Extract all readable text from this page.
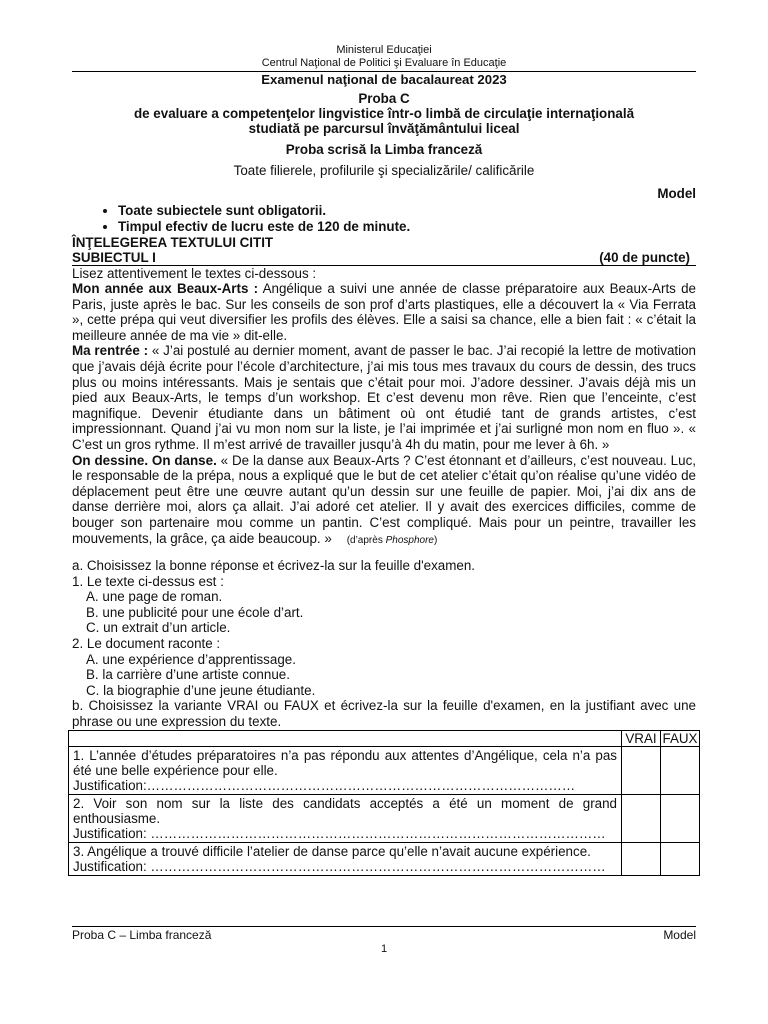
Ministerul Educaţiei
Centrul Naţional de Politici şi Evaluare în Educaţie
Examenul naţional de bacalaureat 2023
Proba C
de evaluare a competenţelor lingvistice într-o limbă de circulaţie internaţională
studiată pe parcursul învăţământului liceal
Proba scrisă la Limba franceză
Toate filierele, profilurile şi specializările/ calificările
Model
• Toate subiectele sunt obligatorii.
• Timpul efectiv de lucru este de 120 de minute.
ÎNŢELEGEREA TEXTULUI CITIT
SUBIECTUL I	(40 de puncte)
Lisez attentivement le textes ci-dessous :

Mon année aux Beaux-Arts : Angélique a suivi une année de classe préparatoire aux Beaux-Arts de Paris, juste après le bac. Sur les conseils de son prof d’arts plastiques, elle a découvert la « Via Ferrata », cette prépa qui veut diversifier les profils des élèves. Elle a saisi sa chance, elle a bien fait : « c’était la meilleure année de ma vie » dit-elle.

Ma rentrée : « J’ai postulé au dernier moment, avant de passer le bac. J’ai recopié la lettre de motivation que j’avais déjà écrite pour l’école d’architecture, j’ai mis tous mes travaux du cours de dessin, des trucs plus ou moins intéressants. Mais je sentais que c’était pour moi. J’adore dessiner. J’avais déjà mis un pied aux Beaux-Arts, le temps d’un workshop. Et c’est devenu mon rêve. Rien que l’enceinte, c’est magnifique. Devenir étudiante dans un bâtiment où ont étudié tant de grands artistes, c’est impressionnant. Quand j’ai vu mon nom sur la liste, je l’ai imprimée et j’ai surligné mon nom en fluo ». « C’est un gros rythme. Il m’est arrivé de travailler jusqu’à 4h du matin, pour me lever à 6h. »

On dessine. On danse. « De la danse aux Beaux-Arts ? C’est étonnant et d’ailleurs, c’est nouveau. Luc, le responsable de la prépa, nous a expliqué que le but de cet atelier c’était qu’on réalise qu’une vidéo de déplacement peut être une œuvre autant qu’un dessin sur une feuille de papier. Moi, j’ai dix ans de danse derrière moi, alors ça allait. J’ai adoré cet atelier. Il y avait des exercices difficiles, comme de bouger son partenaire mou comme un pantin. C’est compliqué. Mais pour un peintre, travailler les mouvements, la grâce, ça aide beaucoup. » (d’après Phosphore)

a. Choisissez la bonne réponse et écrivez-la sur la feuille d'examen.
1. Le texte ci-dessus est :
A. une page de roman.
B. une publicité pour une école d’art.
C. un extrait d’un article.
2. Le document raconte :
A. une expérience d’apprentissage.
B. la carrière d’une artiste connue.
C. la biographie d’une jeune étudiante.
b. Choisissez la variante VRAI ou FAUX et écrivez-la sur la feuille d'examen, en la justifiant avec une phrase ou une expression du texte.
	VRAI	FAUX

1. L’année d’études préparatoires n’a pas répondu aux attentes d’Angélique, cela n’a pas été une belle expérience pour elle.
Justification:……………………………………………………………………………………		

2. Voir son nom sur la liste des candidats acceptés a été un moment de grand enthousiasme.
Justification: …………………………………………………………………………………………		

3. Angélique a trouvé difficile l’atelier de danse parce qu’elle n’avait aucune expérience.
Justification: …………………………………………………………………………………………		

Proba C – Limba franceză	Model
1
